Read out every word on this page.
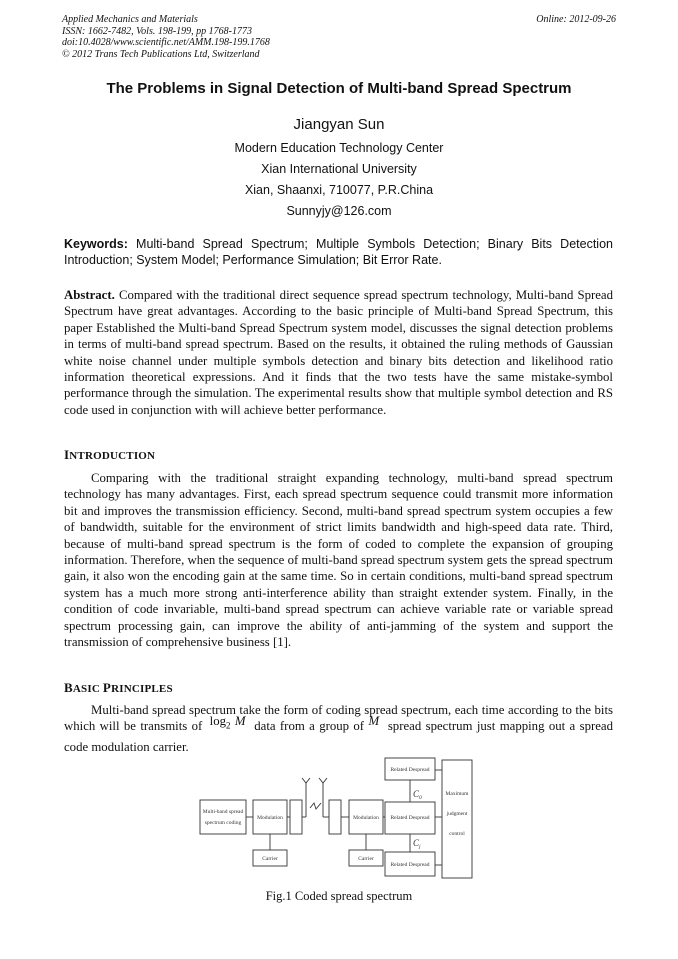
Applied Mechanics and Materials
ISSN: 1662-7482, Vols. 198-199, pp 1768-1773
doi:10.4028/www.scientific.net/AMM.198-199.1768
© 2012 Trans Tech Publications Ltd, Switzerland
Online: 2012-09-26
The Problems in Signal Detection of Multi-band Spread Spectrum
Jiangyan Sun
Modern Education Technology Center
Xian International University
Xian, Shaanxi, 710077, P.R.China
Sunnyjy@126.com
Keywords: Multi-band Spread Spectrum; Multiple Symbols Detection; Binary Bits Detection Introduction; System Model; Performance Simulation; Bit Error Rate.
Abstract. Compared with the traditional direct sequence spread spectrum technology, Multi-band Spread Spectrum have great advantages. According to the basic principle of Multi-band Spread Spectrum, this paper Established the Multi-band Spread Spectrum system model, discusses the signal detection problems in terms of multi-band spread spectrum. Based on the results, it obtained the ruling methods of Gaussian white noise channel under multiple symbols detection and binary bits detection and likelihood ratio information theoretical expressions. And it finds that the two tests have the same mistake-symbol performance through the simulation. The experimental results show that multiple symbol detection and RS code used in conjunction with will achieve better performance.
INTRODUCTION
Comparing with the traditional straight expanding technology, multi-band spread spectrum technology has many advantages. First, each spread spectrum sequence could transmit more information bit and improves the transmission efficiency. Second, multi-band spread spectrum system occupies a few of bandwidth, suitable for the environment of strict limits bandwidth and high-speed data rate. Third, because of multi-band spread spectrum is the form of coded to complete the expansion of grouping information. Therefore, when the sequence of multi-band spread spectrum system gets the spread spectrum gain, it also won the encoding gain at the same time. So in certain conditions, multi-band spread spectrum system has a much more strong anti-interference ability than straight extender system. Finally, in the condition of code invariable, multi-band spread spectrum can achieve variable rate or variable spread spectrum processing gain, can improve the ability of anti-jamming of the system and support the transmission of comprehensive business [1].
BASIC PRINCIPLES
Multi-band spread spectrum take the form of coding spread spectrum, each time according to the bits which will be transmits of $\log_2 M$ data from a group of M spread spectrum just mapping out a spread code modulation carrier.
Multi-band spread
spectrum coding
Modulation	Modulation
Carrier	Carrier
Related Despread
Related Despread
Related Despread
Maximum
judgment
control
C 0
C j
Fig.1 Coded spread spectrum
